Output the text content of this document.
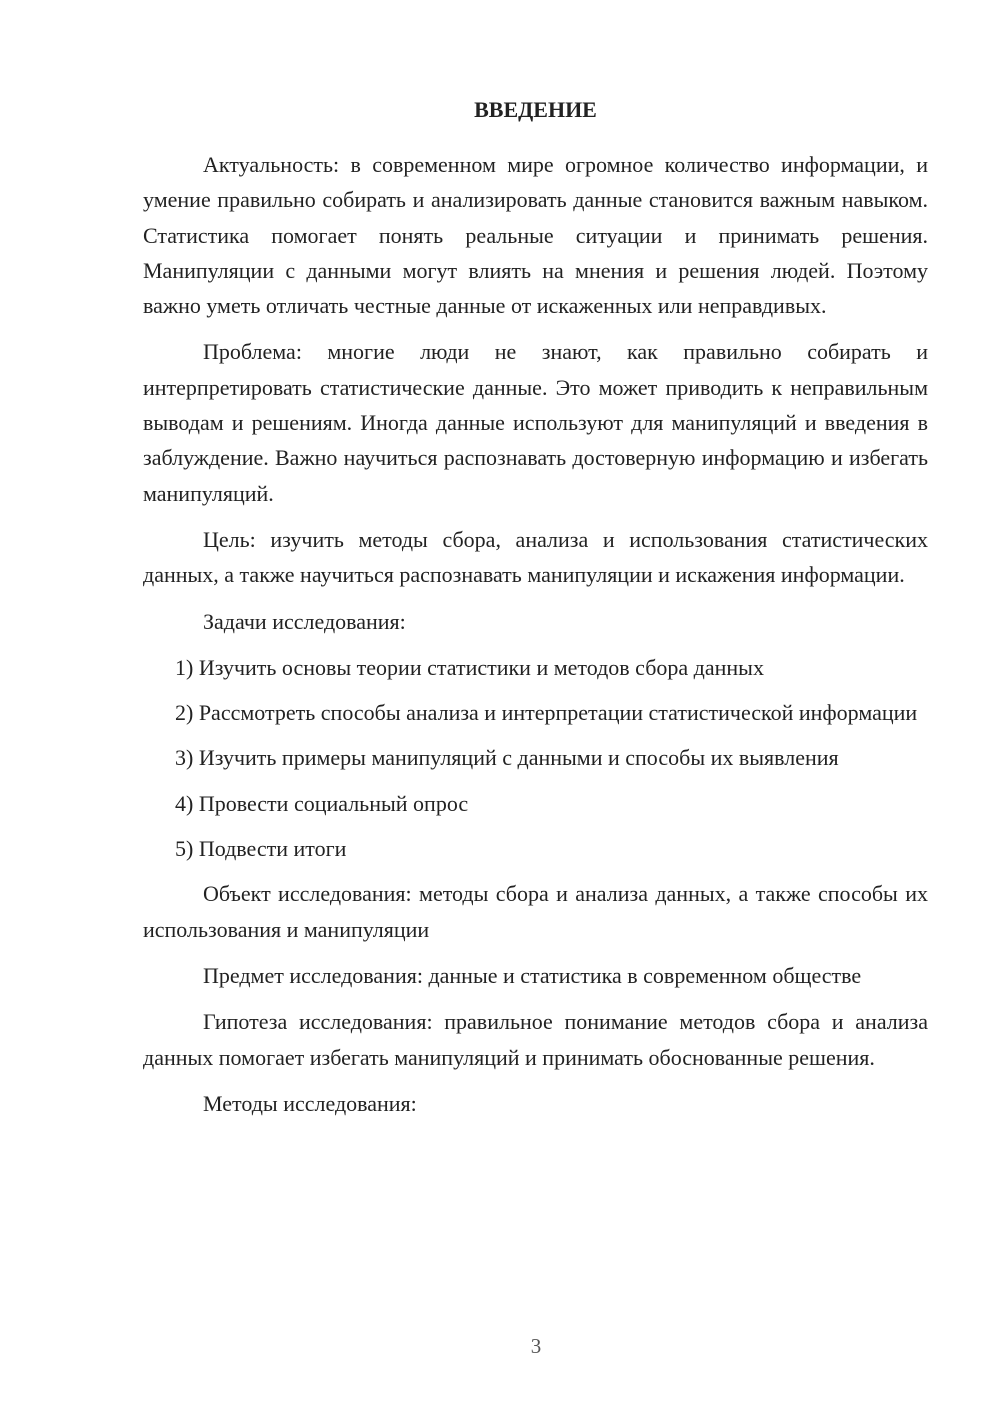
ВВЕДЕНИЕ

Актуальность: в современном мире огромное количество информации, и умение правильно собирать и анализировать данные становится важным навыком. Статистика помогает понять реальные ситуации и принимать решения. Манипуляции с данными могут влиять на мнения и решения людей. Поэтому важно уметь отличать честные данные от искаженных или неправдивых.

Проблема: многие люди не знают, как правильно собирать и интерпретировать статистические данные. Это может приводить к неправильным выводам и решениям. Иногда данные используют для манипуляций и введения в заблуждение. Важно научиться распознавать достоверную информацию и избегать манипуляций.

Цель: изучить методы сбора, анализа и использования статистических данных, а также научиться распознавать манипуляции и искажения информации.

Задачи исследования:

1) Изучить основы теории статистики и методов сбора данных

2) Рассмотреть способы анализа и интерпретации статистической информации

3) Изучить примеры манипуляций с данными и способы их выявления

4) Провести социальный опрос

5) Подвести итоги

Объект исследования: методы сбора и анализа данных, а также способы их использования и манипуляции

Предмет исследования: данные и статистика в современном обществе

Гипотеза исследования: правильное понимание методов сбора и анализа данных помогает избегать манипуляций и принимать обоснованные решения.

Методы исследования:

3
